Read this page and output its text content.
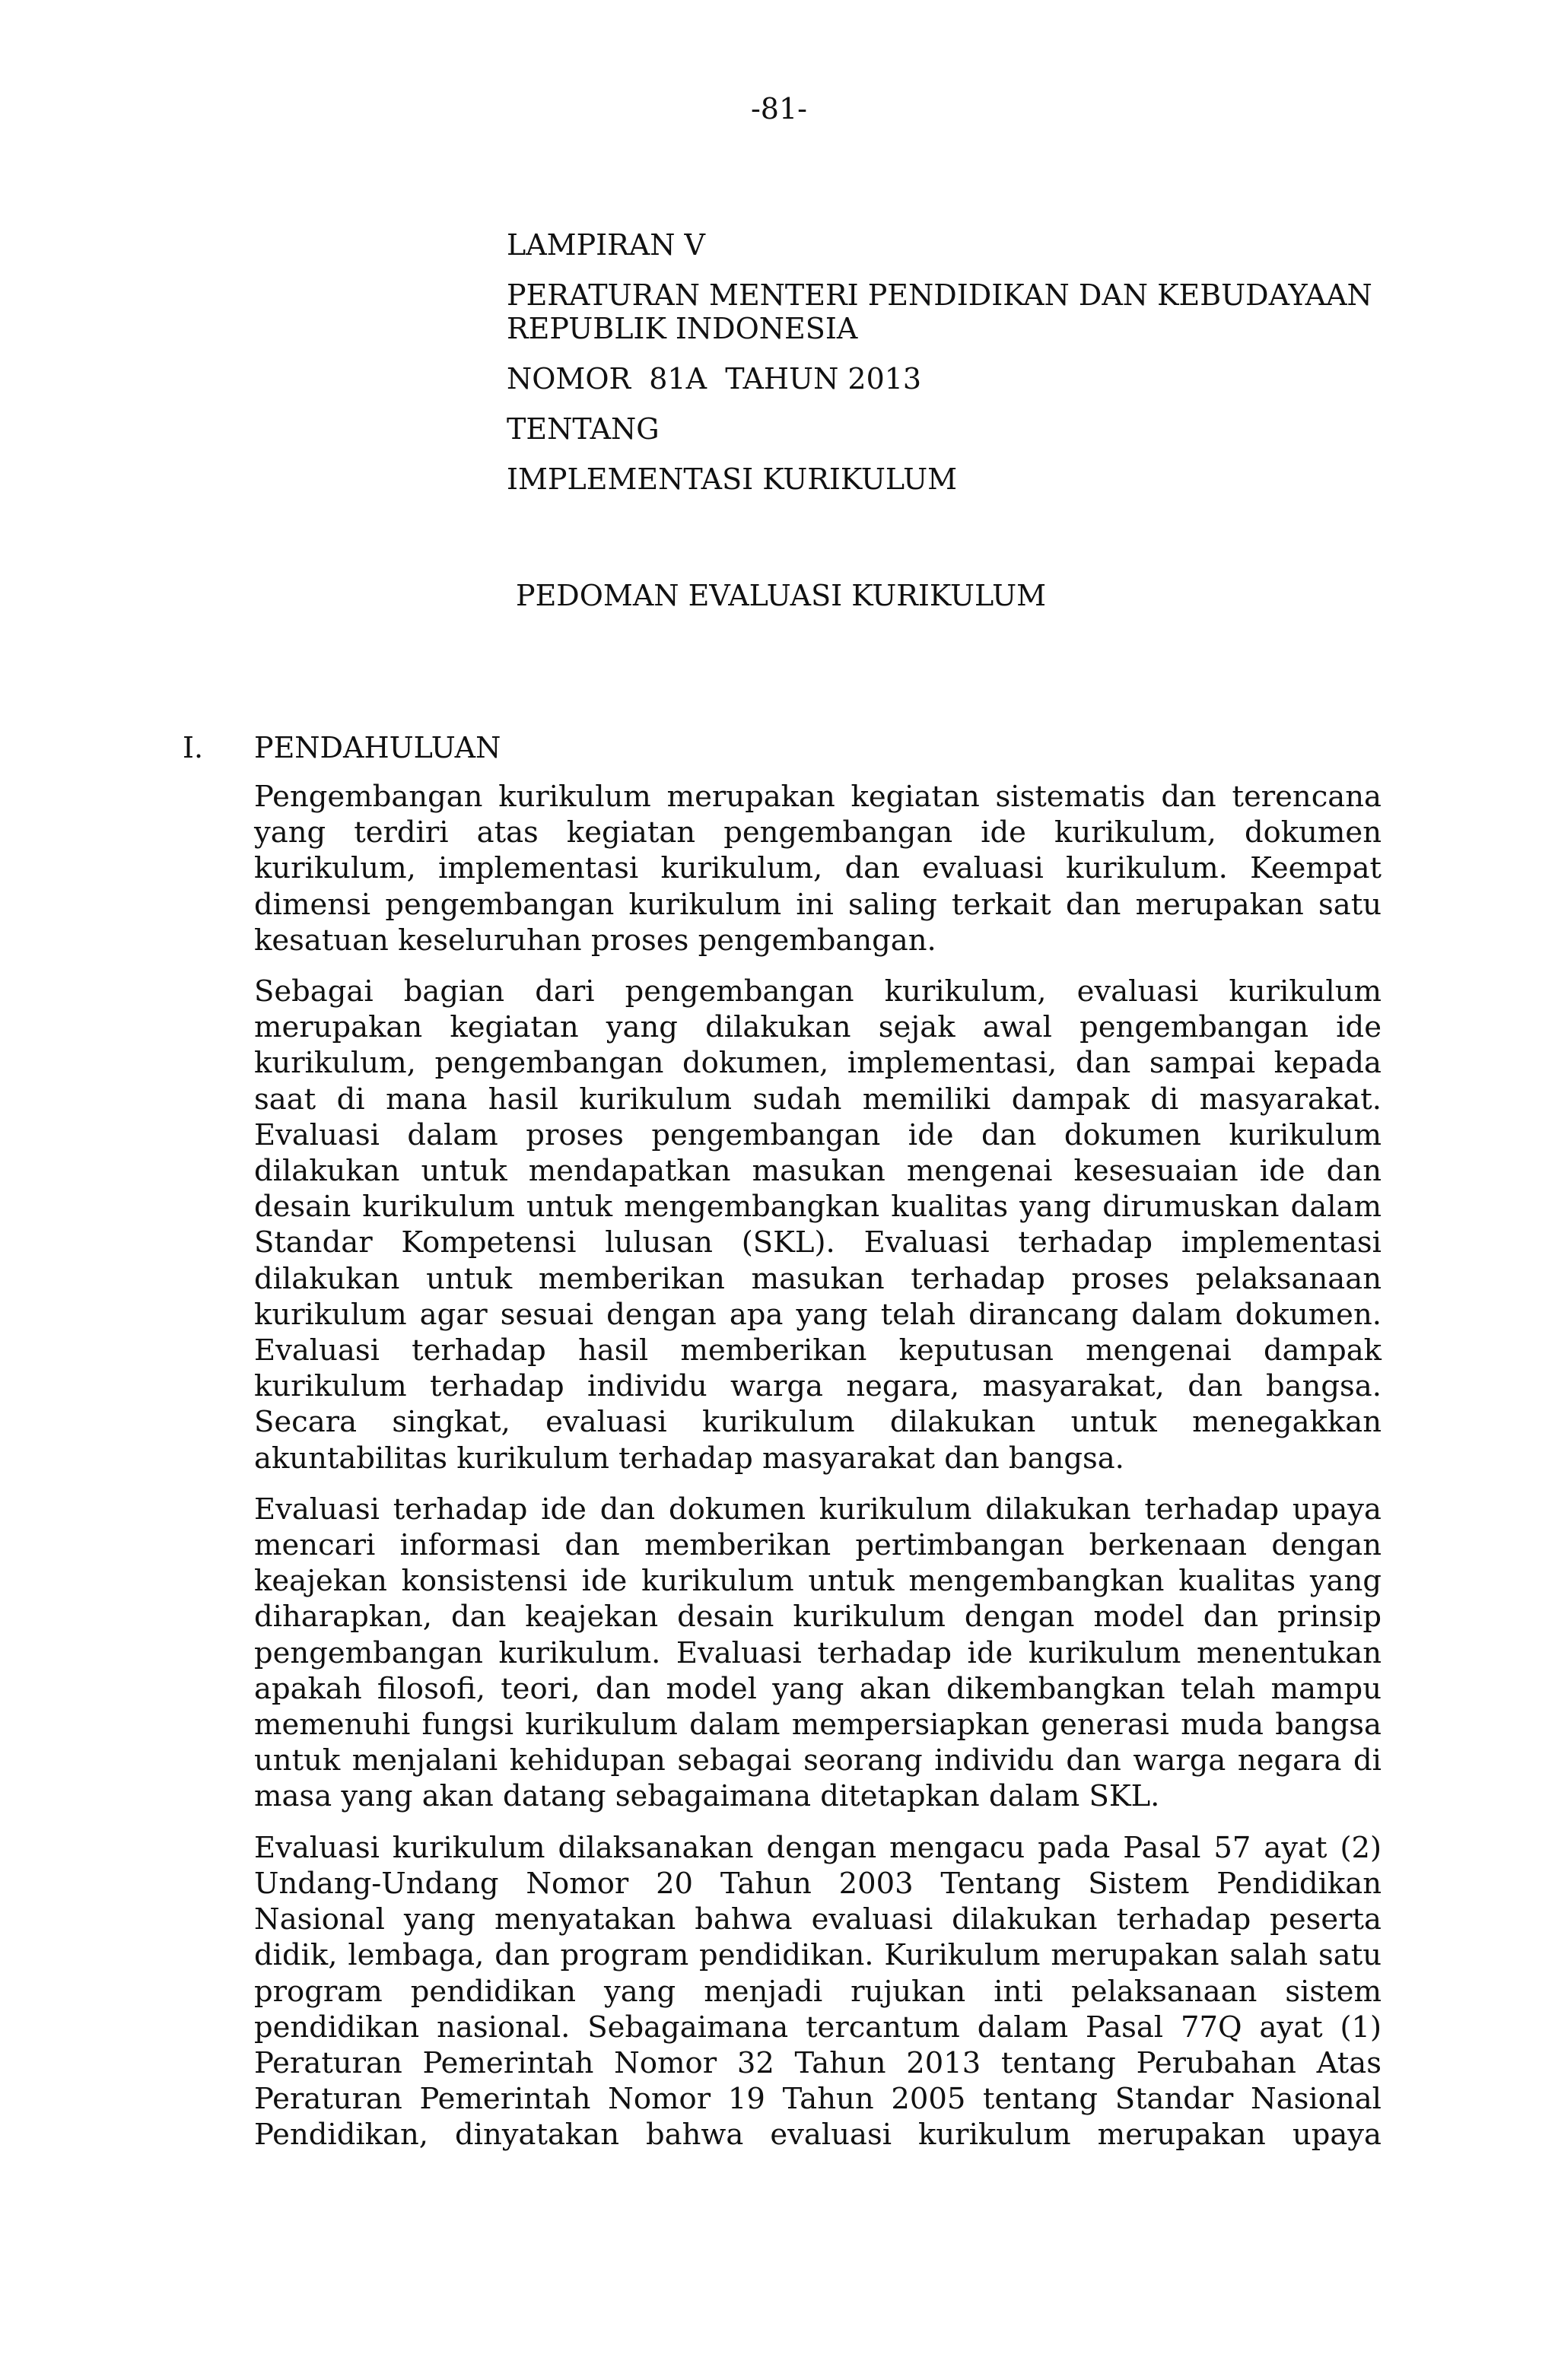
-81-
LAMPIRAN V
PERATURAN MENTERI PENDIDIKAN DAN KEBUDAYAAN
REPUBLIK INDONESIA
NOMOR  81A  TAHUN 2013
TENTANG
IMPLEMENTASI KURIKULUM
PEDOMAN EVALUASI KURIKULUM
I. PENDAHULUAN

Pengembangan kurikulum merupakan kegiatan sistematis dan terencana yang terdiri atas kegiatan pengembangan ide kurikulum, dokumen kurikulum, implementasi kurikulum, dan evaluasi kurikulum. Keempat dimensi pengembangan kurikulum ini saling terkait dan merupakan satu kesatuan keseluruhan proses pengembangan.

Sebagai bagian dari pengembangan kurikulum, evaluasi kurikulum merupakan kegiatan yang dilakukan sejak awal pengembangan ide kurikulum, pengembangan dokumen, implementasi, dan sampai kepada saat di mana hasil kurikulum sudah memiliki dampak di masyarakat. Evaluasi dalam proses pengembangan ide dan dokumen kurikulum dilakukan untuk mendapatkan masukan mengenai kesesuaian ide dan desain kurikulum untuk mengembangkan kualitas yang dirumuskan dalam Standar Kompetensi lulusan (SKL). Evaluasi terhadap implementasi dilakukan untuk memberikan masukan terhadap proses pelaksanaan kurikulum agar sesuai dengan apa yang telah dirancang dalam dokumen. Evaluasi terhadap hasil memberikan keputusan mengenai dampak kurikulum terhadap individu warga negara, masyarakat, dan bangsa. Secara singkat, evaluasi kurikulum dilakukan untuk menegakkan akuntabilitas kurikulum terhadap masyarakat dan bangsa.

Evaluasi terhadap ide dan dokumen kurikulum dilakukan terhadap upaya mencari informasi dan memberikan pertimbangan berkenaan dengan keajekan konsistensi ide kurikulum untuk mengembangkan kualitas yang diharapkan, dan keajekan desain kurikulum dengan model dan prinsip pengembangan kurikulum. Evaluasi terhadap ide kurikulum menentukan apakah filosofi, teori, dan model yang akan dikembangkan telah mampu memenuhi fungsi kurikulum dalam mempersiapkan generasi muda bangsa untuk menjalani kehidupan sebagai seorang individu dan warga negara di masa yang akan datang sebagaimana ditetapkan dalam SKL.

Evaluasi kurikulum dilaksanakan dengan mengacu pada Pasal 57 ayat (2) Undang-Undang Nomor 20 Tahun 2003 Tentang Sistem Pendidikan Nasional yang menyatakan bahwa evaluasi dilakukan terhadap peserta didik, lembaga, dan program pendidikan. Kurikulum merupakan salah satu program pendidikan yang menjadi rujukan inti pelaksanaan sistem pendidikan nasional. Sebagaimana tercantum dalam Pasal 77Q ayat (1) Peraturan Pemerintah Nomor 32 Tahun 2013 tentang Perubahan Atas Peraturan Pemerintah Nomor 19 Tahun 2005 tentang Standar Nasional Pendidikan, dinyatakan bahwa evaluasi kurikulum merupakan upaya
